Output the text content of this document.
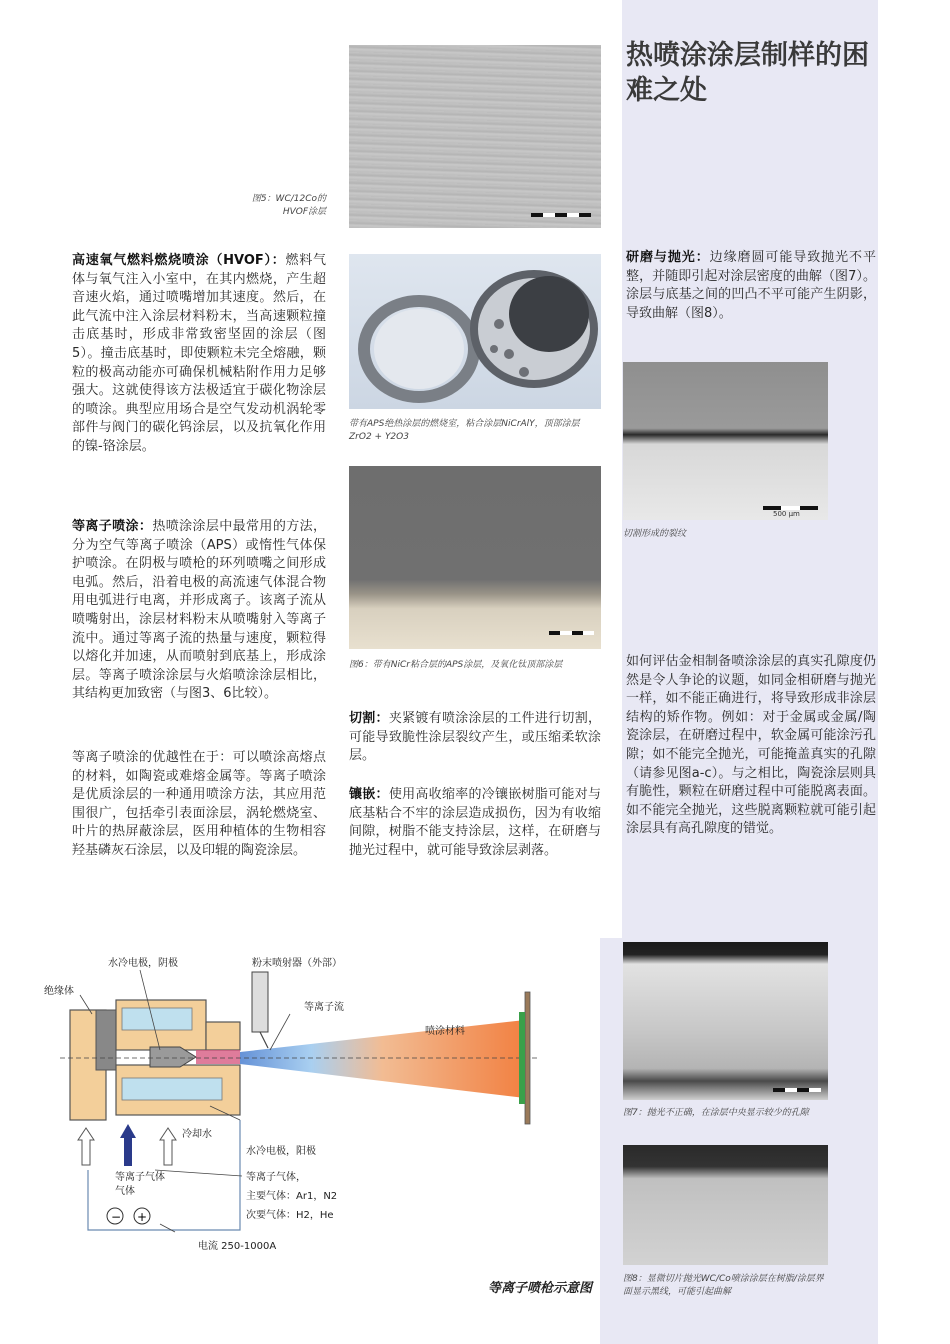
热喷涂涂层制样的困难之处

图5：WC/12Co的HVOF涂层

带有APS绝热涂层的燃烧室，粘合涂层NiCrAlY，顶部涂层ZrO2 + Y2O3

图6：带有NiCr粘合层的APS涂层，及氧化钛顶部涂层

500 µm

切割形成的裂纹

图7：抛光不正确，在涂层中央显示较少的孔隙

图8：显微切片抛光WC/Co喷涂涂层在树脂/涂层界面显示黑线，可能引起曲解

高速氧气燃料燃烧喷涂（HVOF）：燃料气体与氧气注入小室中，在其内燃烧，产生超音速火焰，通过喷嘴增加其速度。然后，在此气流中注入涂层材料粉末，当高速颗粒撞击底基时，形成非常致密坚固的涂层（图5）。撞击底基时，即使颗粒未完全熔融，颗粒的极高动能亦可确保机械粘附作用力足够强大。这就使得该方法极适宜于碳化物涂层的喷涂。典型应用场合是空气发动机涡轮零部件与阀门的碳化钨涂层，以及抗氧化作用的镍-铬涂层。

等离子喷涂：热喷涂涂层中最常用的方法，分为空气等离子喷涂（APS）或惰性气体保护喷涂。在阴极与喷枪的环列喷嘴之间形成电弧。然后，沿着电极的高流速气体混合物用电弧进行电离，并形成离子。该离子流从喷嘴射出，涂层材料粉末从喷嘴射入等离子流中。通过等离子流的热量与速度，颗粒得以熔化并加速，从而喷射到底基上，形成涂层。等离子喷涂涂层与火焰喷涂涂层相比，其结构更加致密（与图3、6比较）。

等离子喷涂的优越性在于：可以喷涂高熔点的材料，如陶瓷或难熔金属等。等离子喷涂是优质涂层的一种通用喷涂方法，其应用范围很广，包括牵引表面涂层，涡轮燃烧室、叶片的热屏蔽涂层，医用种植体的生物相容羟基磷灰石涂层，以及印辊的陶瓷涂层。

切割：夹紧镀有喷涂涂层的工件进行切割，可能导致脆性涂层裂纹产生，或压缩柔软涂层。

镶嵌：使用高收缩率的冷镶嵌树脂可能对与底基粘合不牢的涂层造成损伤，因为有收缩间隙，树脂不能支持涂层，这样，在研磨与抛光过程中，就可能导致涂层剥落。

研磨与抛光：边缘磨圆可能导致抛光不平整，并随即引起对涂层密度的曲解（图7）。涂层与底基之间的凹凸不平可能产生阴影，导致曲解（图8）。

如何评估金相制备喷涂涂层的真实孔隙度仍然是令人争论的议题，如同金相研磨与抛光一样，如不能正确进行，将导致形成非涂层结构的矫作物。例如：对于金属或金属/陶瓷涂层，在研磨过程中，软金属可能涂污孔隙；如不能完全抛光，可能掩盖真实的孔隙（请参见图a-c）。与之相比，陶瓷涂层则具有脆性，颗粒在研磨过程中可能脱离表面。如不能完全抛光，这些脱离颗粒就可能引起涂层具有高孔隙度的错觉。

− +
水冷电极，阴极	粉末喷射器（外部）
绝缘体
等离子流
喷涂材料
冷却水
水冷电极，阳极
等离子气体
气体
等离子气体，
主要气体：Ar1，N2
次要气体：H2，He
电流 250-1000A

等离子喷枪示意图
